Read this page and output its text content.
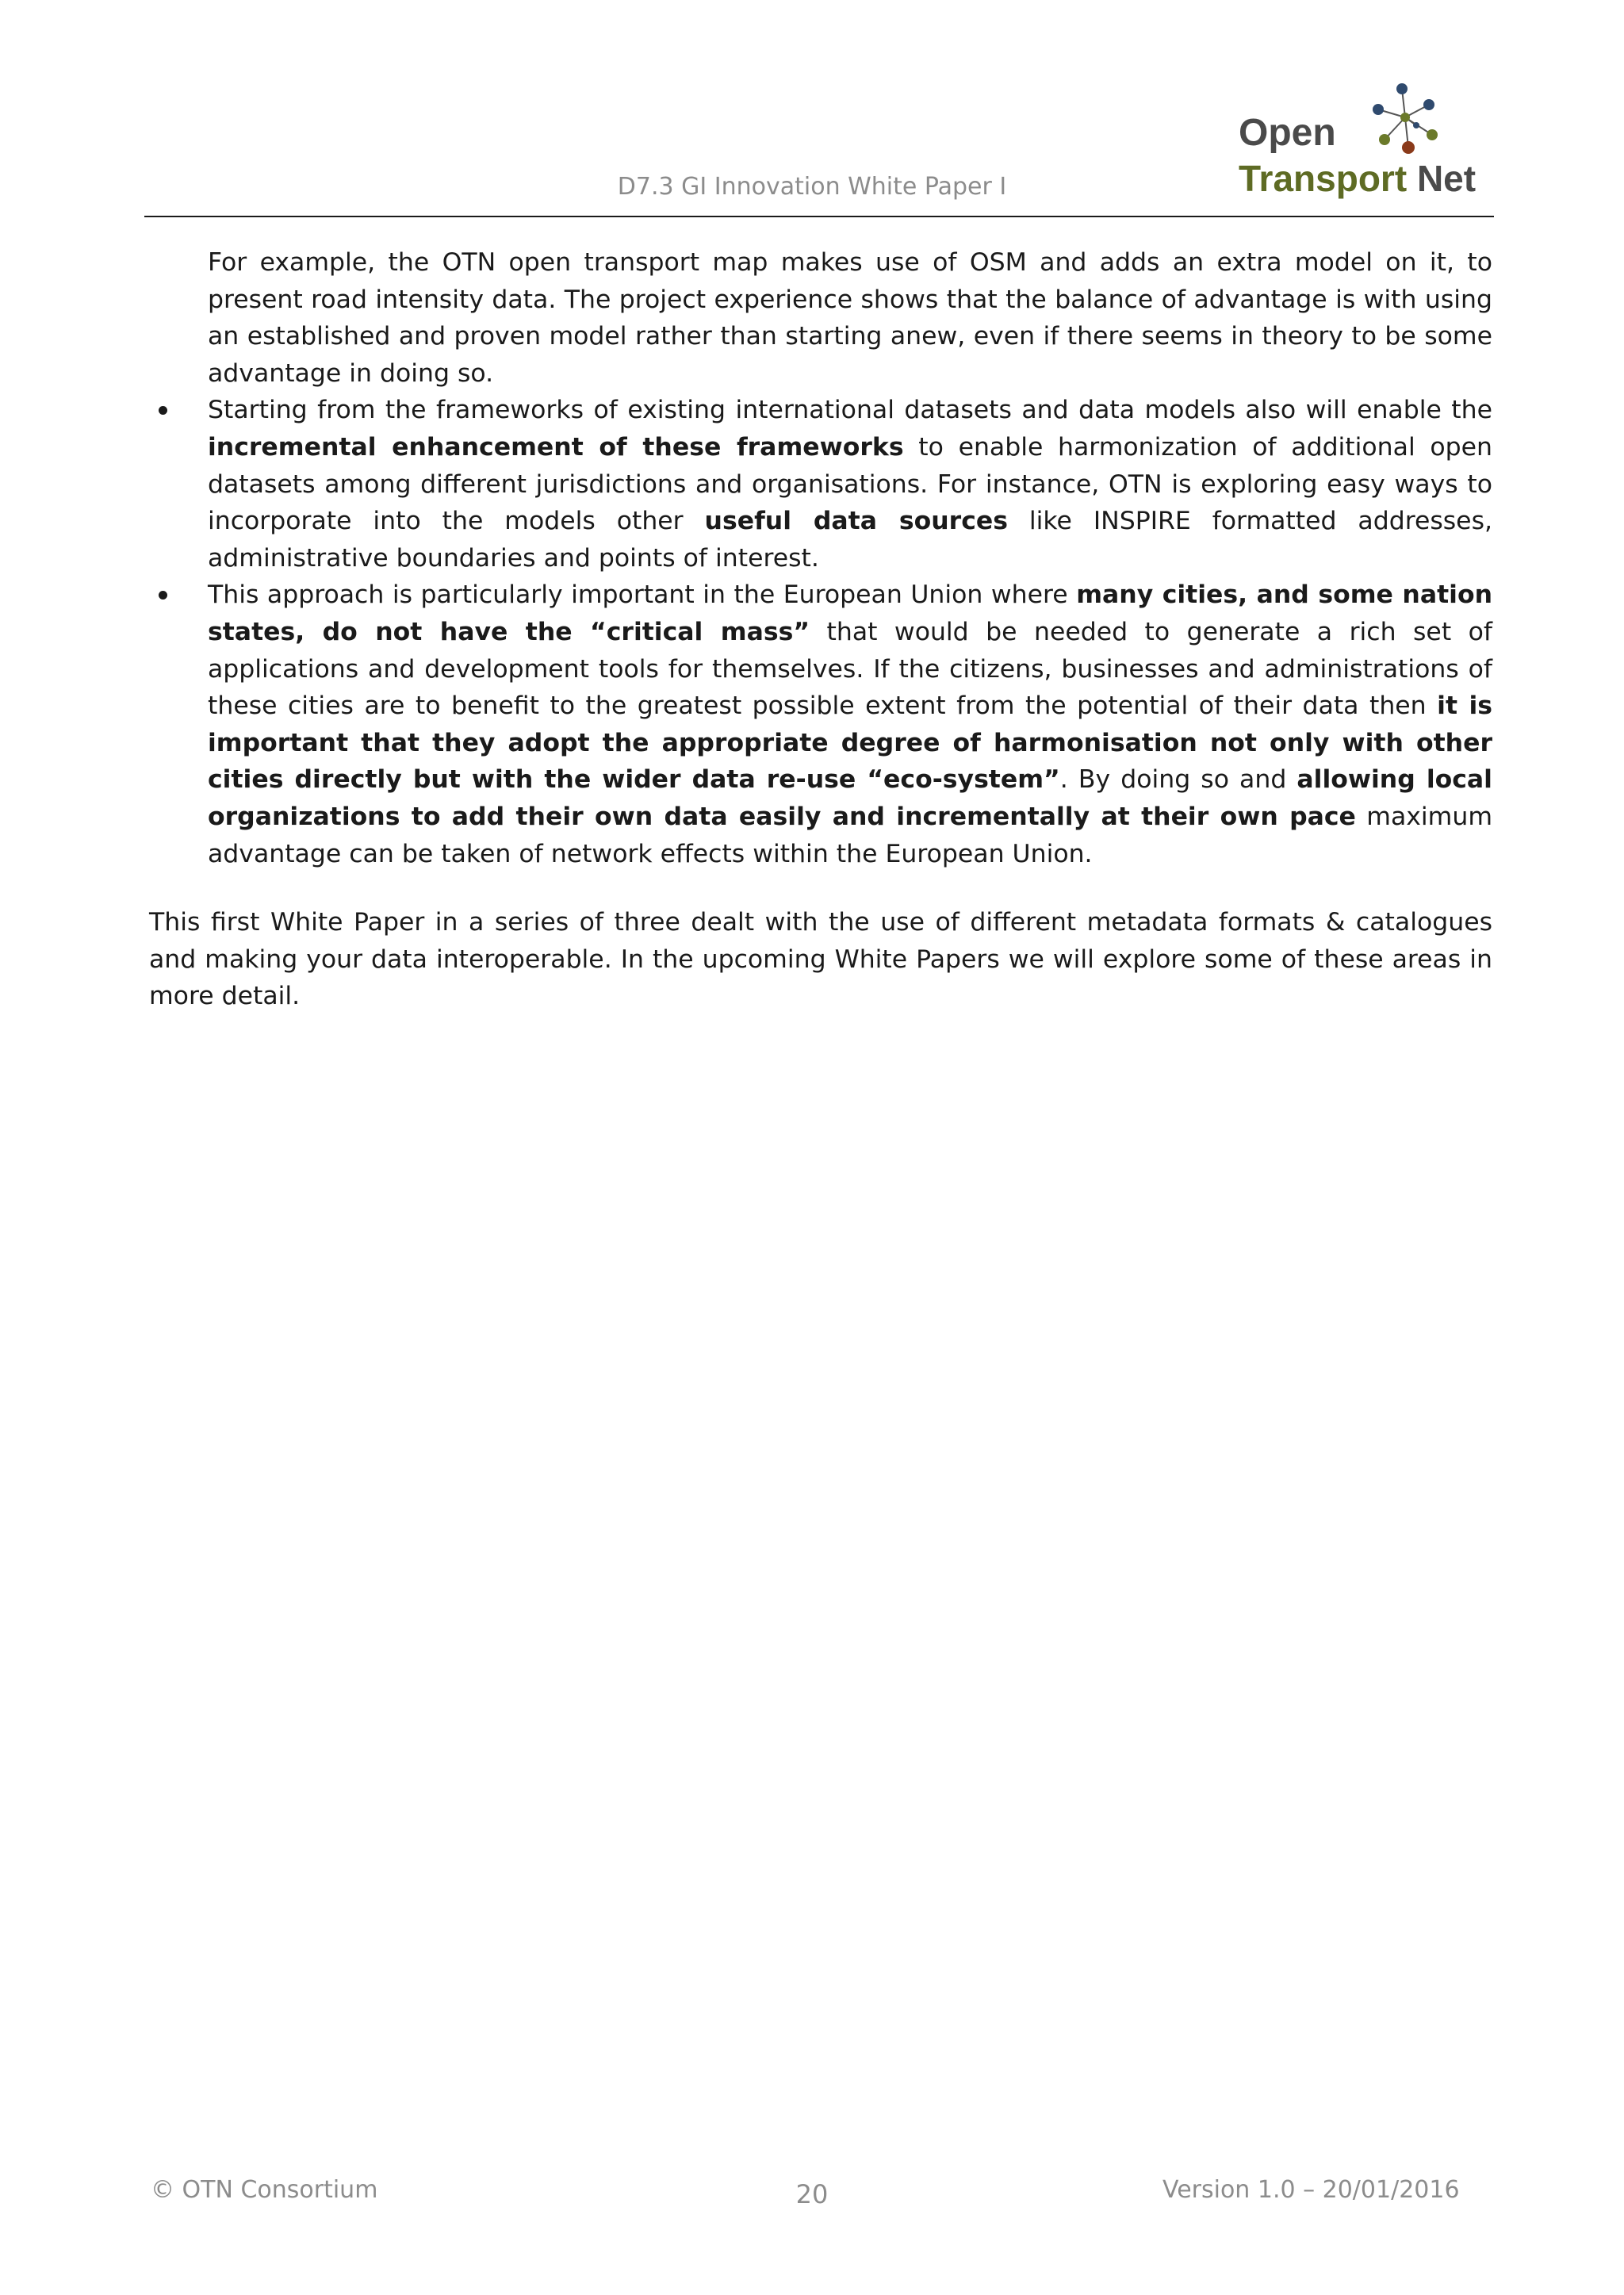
D7.3 GI Innovation White Paper I
Open
Transport Net

For example, the OTN open transport map makes use of OSM and adds an extra model on it, to present road intensity data. The project experience shows that the balance of advantage is with using an established and proven model rather than starting anew, even if there seems in theory to be some advantage in doing so.

Starting from the frameworks of existing international datasets and data models also will enable the incremental enhancement of these frameworks to enable harmonization of additional open datasets among different jurisdictions and organisations. For instance, OTN is exploring easy ways to incorporate into the models other useful data sources like INSPIRE formatted addresses, administrative boundaries and points of interest.

This approach is particularly important in the European Union where many cities, and some nation states, do not have the “critical mass” that would be needed to generate a rich set of applications and development tools for themselves. If the citizens, businesses and administrations of these cities are to benefit to the greatest possible extent from the potential of their data then it is important that they adopt the appropriate degree of harmonisation not only with other cities directly but with the wider data re-use “eco-system”. By doing so and allowing local organizations to add their own data easily and incrementally at their own pace maximum advantage can be taken of network effects within the European Union.

This first White Paper in a series of three dealt with the use of different metadata formats & catalogues and making your data interoperable. In the upcoming White Papers we will explore some of these areas in more detail.

© OTN Consortium	20	Version 1.0 – 20/01/2016
